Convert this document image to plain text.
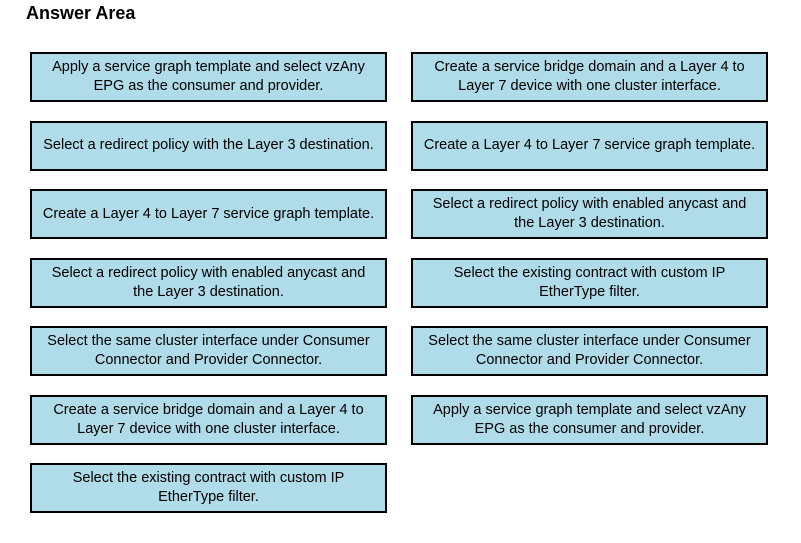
Answer Area
Apply a service graph template and select vzAny EPG as the consumer and provider.
Select a redirect policy with the Layer 3 destination.
Create a Layer 4 to Layer 7 service graph template.
Select a redirect policy with enabled anycast and the Layer 3 destination.
Select the same cluster interface under Consumer Connector and Provider Connector.
Create a service bridge domain and a Layer 4 to Layer 7 device with one cluster interface.
Select the existing contract with custom IP EtherType filter.
Create a service bridge domain and a Layer 4 to Layer 7 device with one cluster interface.
Create a Layer 4 to Layer 7 service graph template.
Select a redirect policy with enabled anycast and the Layer 3 destination.
Select the existing contract with custom IP EtherType filter.
Select the same cluster interface under Consumer Connector and Provider Connector.
Apply a service graph template and select vzAny EPG as the consumer and provider.
